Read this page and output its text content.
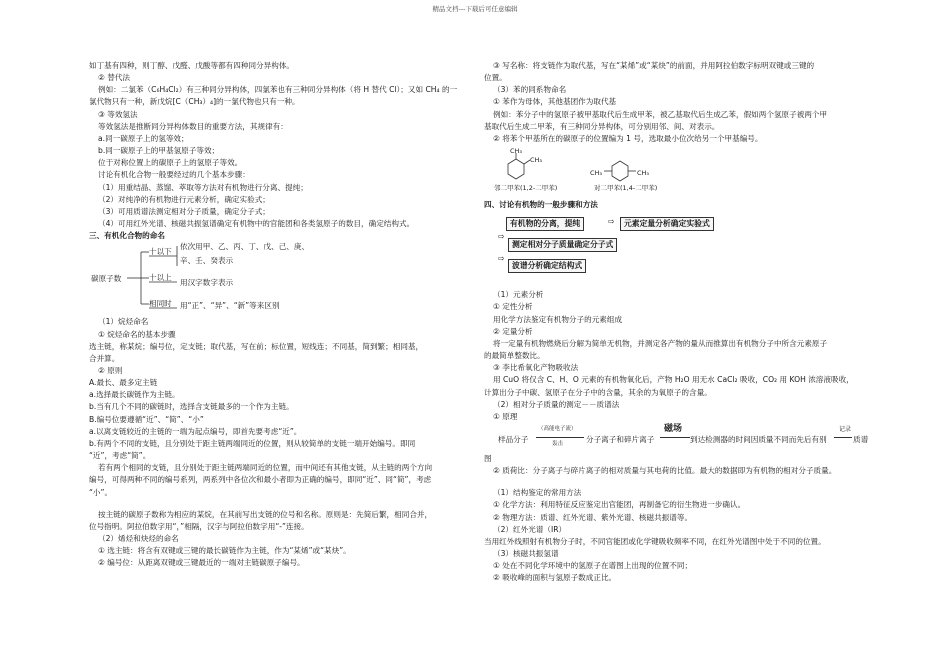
精品文档---下载后可任意编辑
如丁基有四种，则丁醇、戊醛、戊酸等都有四种同分异构体。
② 替代法
例如：二氯苯（C₆H₄Cl₂）有三种同分异构体，四氯苯也有三种同分异构体（将 H 替代 Cl）；又如 CH₄ 的一
氯代物只有一种，新戊烷[C（CH₃）₄]的一氯代物也只有一种。
③ 等效氢法
等效氢法是推断同分异构体数目的重要方法，其规律有：
a.同一碳原子上的氢等效；
b.同一碳原子上的甲基氢原子等效；
位于对称位置上的碳原子上的氢原子等效。
讨论有机化合物一般要经过的几个基本步骤：
（1）用重结晶、蒸馏、萃取等方法对有机物进行分离、提纯；
（2）对纯净的有机物进行元素分析，确定实验式；
（3）可用质谱法测定相对分子质量，确定分子式；
（4）可用红外光谱、核磁共振氢谱确定有机物中的官能团和各类氢原子的数目，确定结构式。
三、有机化合物的命名
碳原子数
十以下
依次用甲、乙、丙、丁、戊、己、庚、
辛、壬、癸表示
十以上
用汉字数字表示
相同时 用“正”、“异”、“新”等来区别
（1）烷烃命名
① 烷烃命名的基本步骤
选主链，称某烷；编号位，定支链；取代基，写在前；标位置，短线连；不同基，简到繁；相同基，
合并算。
② 原则
A.最长、最多定主链
a.选择最长碳链作为主链。
b.当有几个不同的碳链时，选择含支链最多的一个作为主链。
B.编号位要遵循“近”、“简”、“小”
a.以离支链较近的主链的一端为起点编号，即首先要考虑“近”。
b.有两个不同的支链，且分别处于距主链两端同近的位置，则从较简单的支链一端开始编号。即同
“近”，考虑“简”。
若有两个相同的支链，且分别处于距主链两端同近的位置，而中间还有其他支链，从主链的两个方向
编号，可得两种不同的编号系列，两系列中各位次和最小者即为正确的编号，即同“近”、同“简”，考虑
“小”。
按主链的碳原子数称为相应的某烷，在其前写出支链的位号和名称。原则是：先简后繁，相同合并，
位号指明。阿拉伯数字用“，”相隔，汉字与阿拉伯数字用“-”连接。
（2）烯烃和炔烃的命名
① 选主链：将含有双键或三键的最长碳链作为主链，作为“某烯”或“某炔”。
② 编号位：从距离双键或三键最近的一端对主链碳原子编号。
③ 写名称：将支链作为取代基，写在“某烯”或“某炔”的前面，并用阿拉伯数字标明双键或三键的
位置。
（3）苯的同系物命名
① 苯作为母体，其他基团作为取代基
例如：苯分子中的氢原子被甲基取代后生成甲苯，被乙基取代后生成乙苯，假如两个氢原子被两个甲
基取代后生成二甲苯，有三种同分异构体，可分别用邻、间、对表示。
② 将苯个甲基所在的碳原子的位置编为 1 号，选取最小位次给另一个甲基编号。
CH₃
CH₃
CH₃	CH₃
邻二甲苯(1,2-二甲苯)	对二甲苯(1,4-二甲苯)
四、讨论有机物的一般步骤和方法
有机物的分离，提纯	⇨	元素定量分析确定实验式
⇨
测定相对分子质量确定分子式
⇨
波谱分析确定结构式
（1）元素分析
① 定性分析
用化学方法鉴定有机物分子的元素组成
② 定量分析
将一定量有机物燃烧后分解为简单无机物，并测定各产物的量从而推算出有机物分子中所含元素原子
的最简单整数比。
③ 李比希氧化产物吸收法
用 CuO 将仅含 C、H、O 元素的有机物氧化后，产物 H₂O 用无水 CaCl₂ 吸收，CO₂ 用 KOH 浓溶液吸收，
计算出分子中碳、氢原子在分子中的含量，其余的为氧原子的含量。
（2）相对分子质量的测定－－质谱法
① 原理
样品分子
（高能电子流）
轰击	分子离子和碎片离子
磁场
到达检测器的时间因质量不同而先后有别
记录
质谱
图
② 质荷比：分子离子与碎片离子的相对质量与其电荷的比值。最大的数据即为有机物的相对分子质量。
（1）结构鉴定的常用方法
① 化学方法：利用特征反应鉴定出官能团，再制备它的衍生物进一步确认。
② 物理方法：质谱、红外光谱、紫外光谱、核磁共振谱等。
（2）红外光谱（IR）
当用红外线照射有机物分子时，不同官能团或化学键吸收频率不同，在红外光谱图中处于不同的位置。
（3）核磁共振氢谱
① 处在不同化学环境中的氢原子在谱图上出现的位置不同；
② 吸收峰的面积与氢原子数成正比。
